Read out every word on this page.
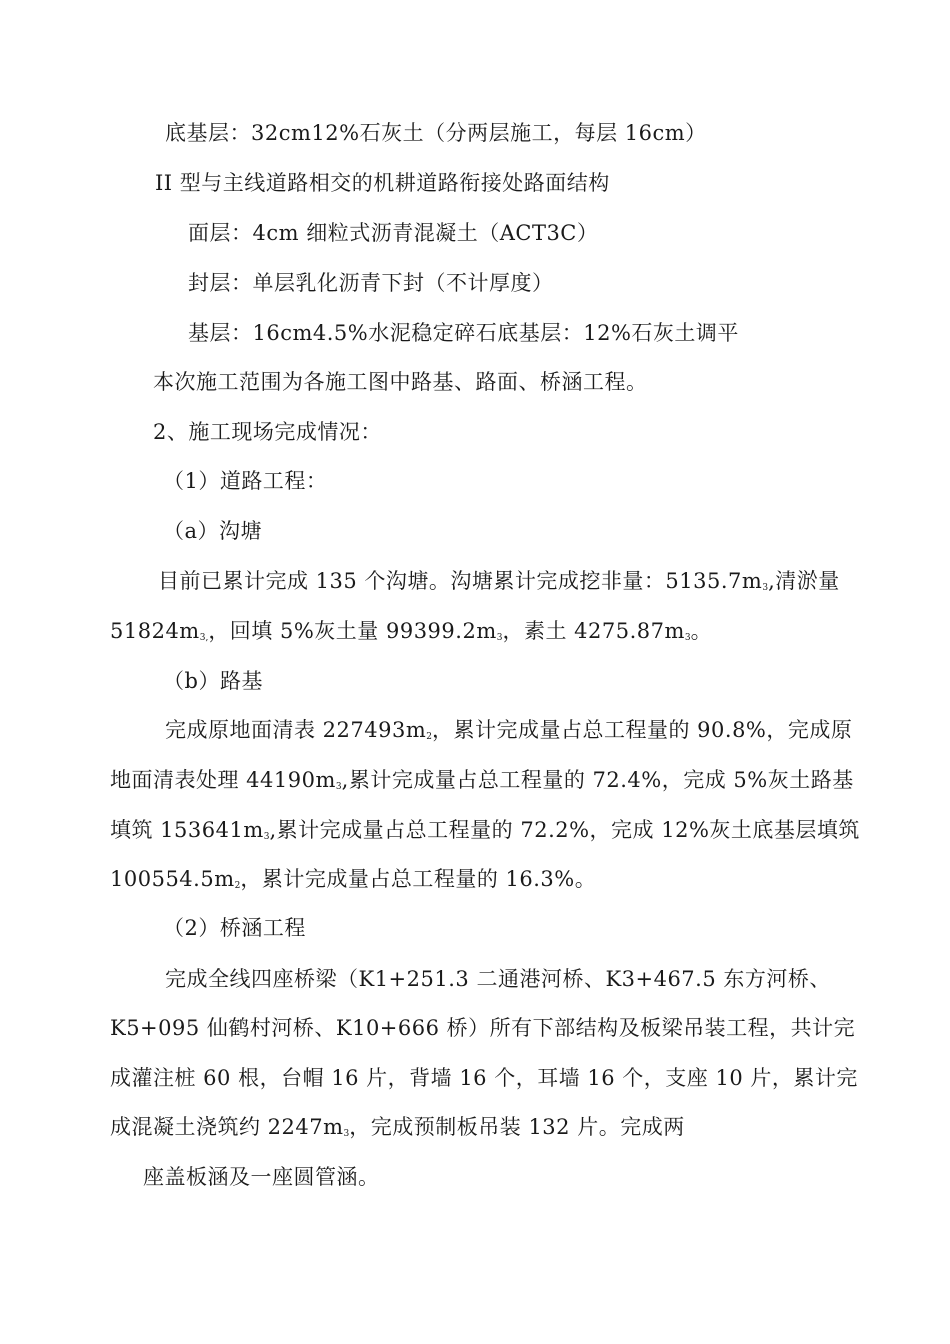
底基层：32cm12%石灰土（分两层施工，每层 16cm）
II 型与主线道路相交的机耕道路衔接处路面结构
面层：4cm 细粒式沥青混凝土（ACT3C）
封层：单层乳化沥青下封（不计厚度）
基层：16cm4.5%水泥稳定碎石底基层：12%石灰土调平
本次施工范围为各施工图中路基、路面、桥涵工程。
2、施工现场完成情况：
（1）道路工程：
（a）沟塘
目前已累计完成 135 个沟塘。沟塘累计完成挖非量：$5135.7m_3$,清淤量
$51824m_{3,}$，回填 5%灰土量 $99399.2m_3$，素土 $4275.87m_3$。
（b）路基
完成原地面清表 $227493m_2$，累计完成量占总工程量的 90.8%，完成原
地面清表处理 $44190m_3$,累计完成量占总工程量的 72.4%，完成 5%灰土路基
填筑 $153641m_3$,累计完成量占总工程量的 72.2%，完成 12%灰土底基层填筑
$100554.5m_2$，累计完成量占总工程量的 16.3%。
（2）桥涵工程
完成全线四座桥梁（K1+251.3 二通港河桥、K3+467.5 东方河桥、
K5+095 仙鹤村河桥、K10+666 桥）所有下部结构及板梁吊装工程，共计完
成灌注桩 60 根，台帽 16 片，背墙 16 个，耳墙 16 个，支座 10 片，累计完
成混凝土浇筑约 $2247m_3$，完成预制板吊装 132 片。完成两
座盖板涵及一座圆管涵。
